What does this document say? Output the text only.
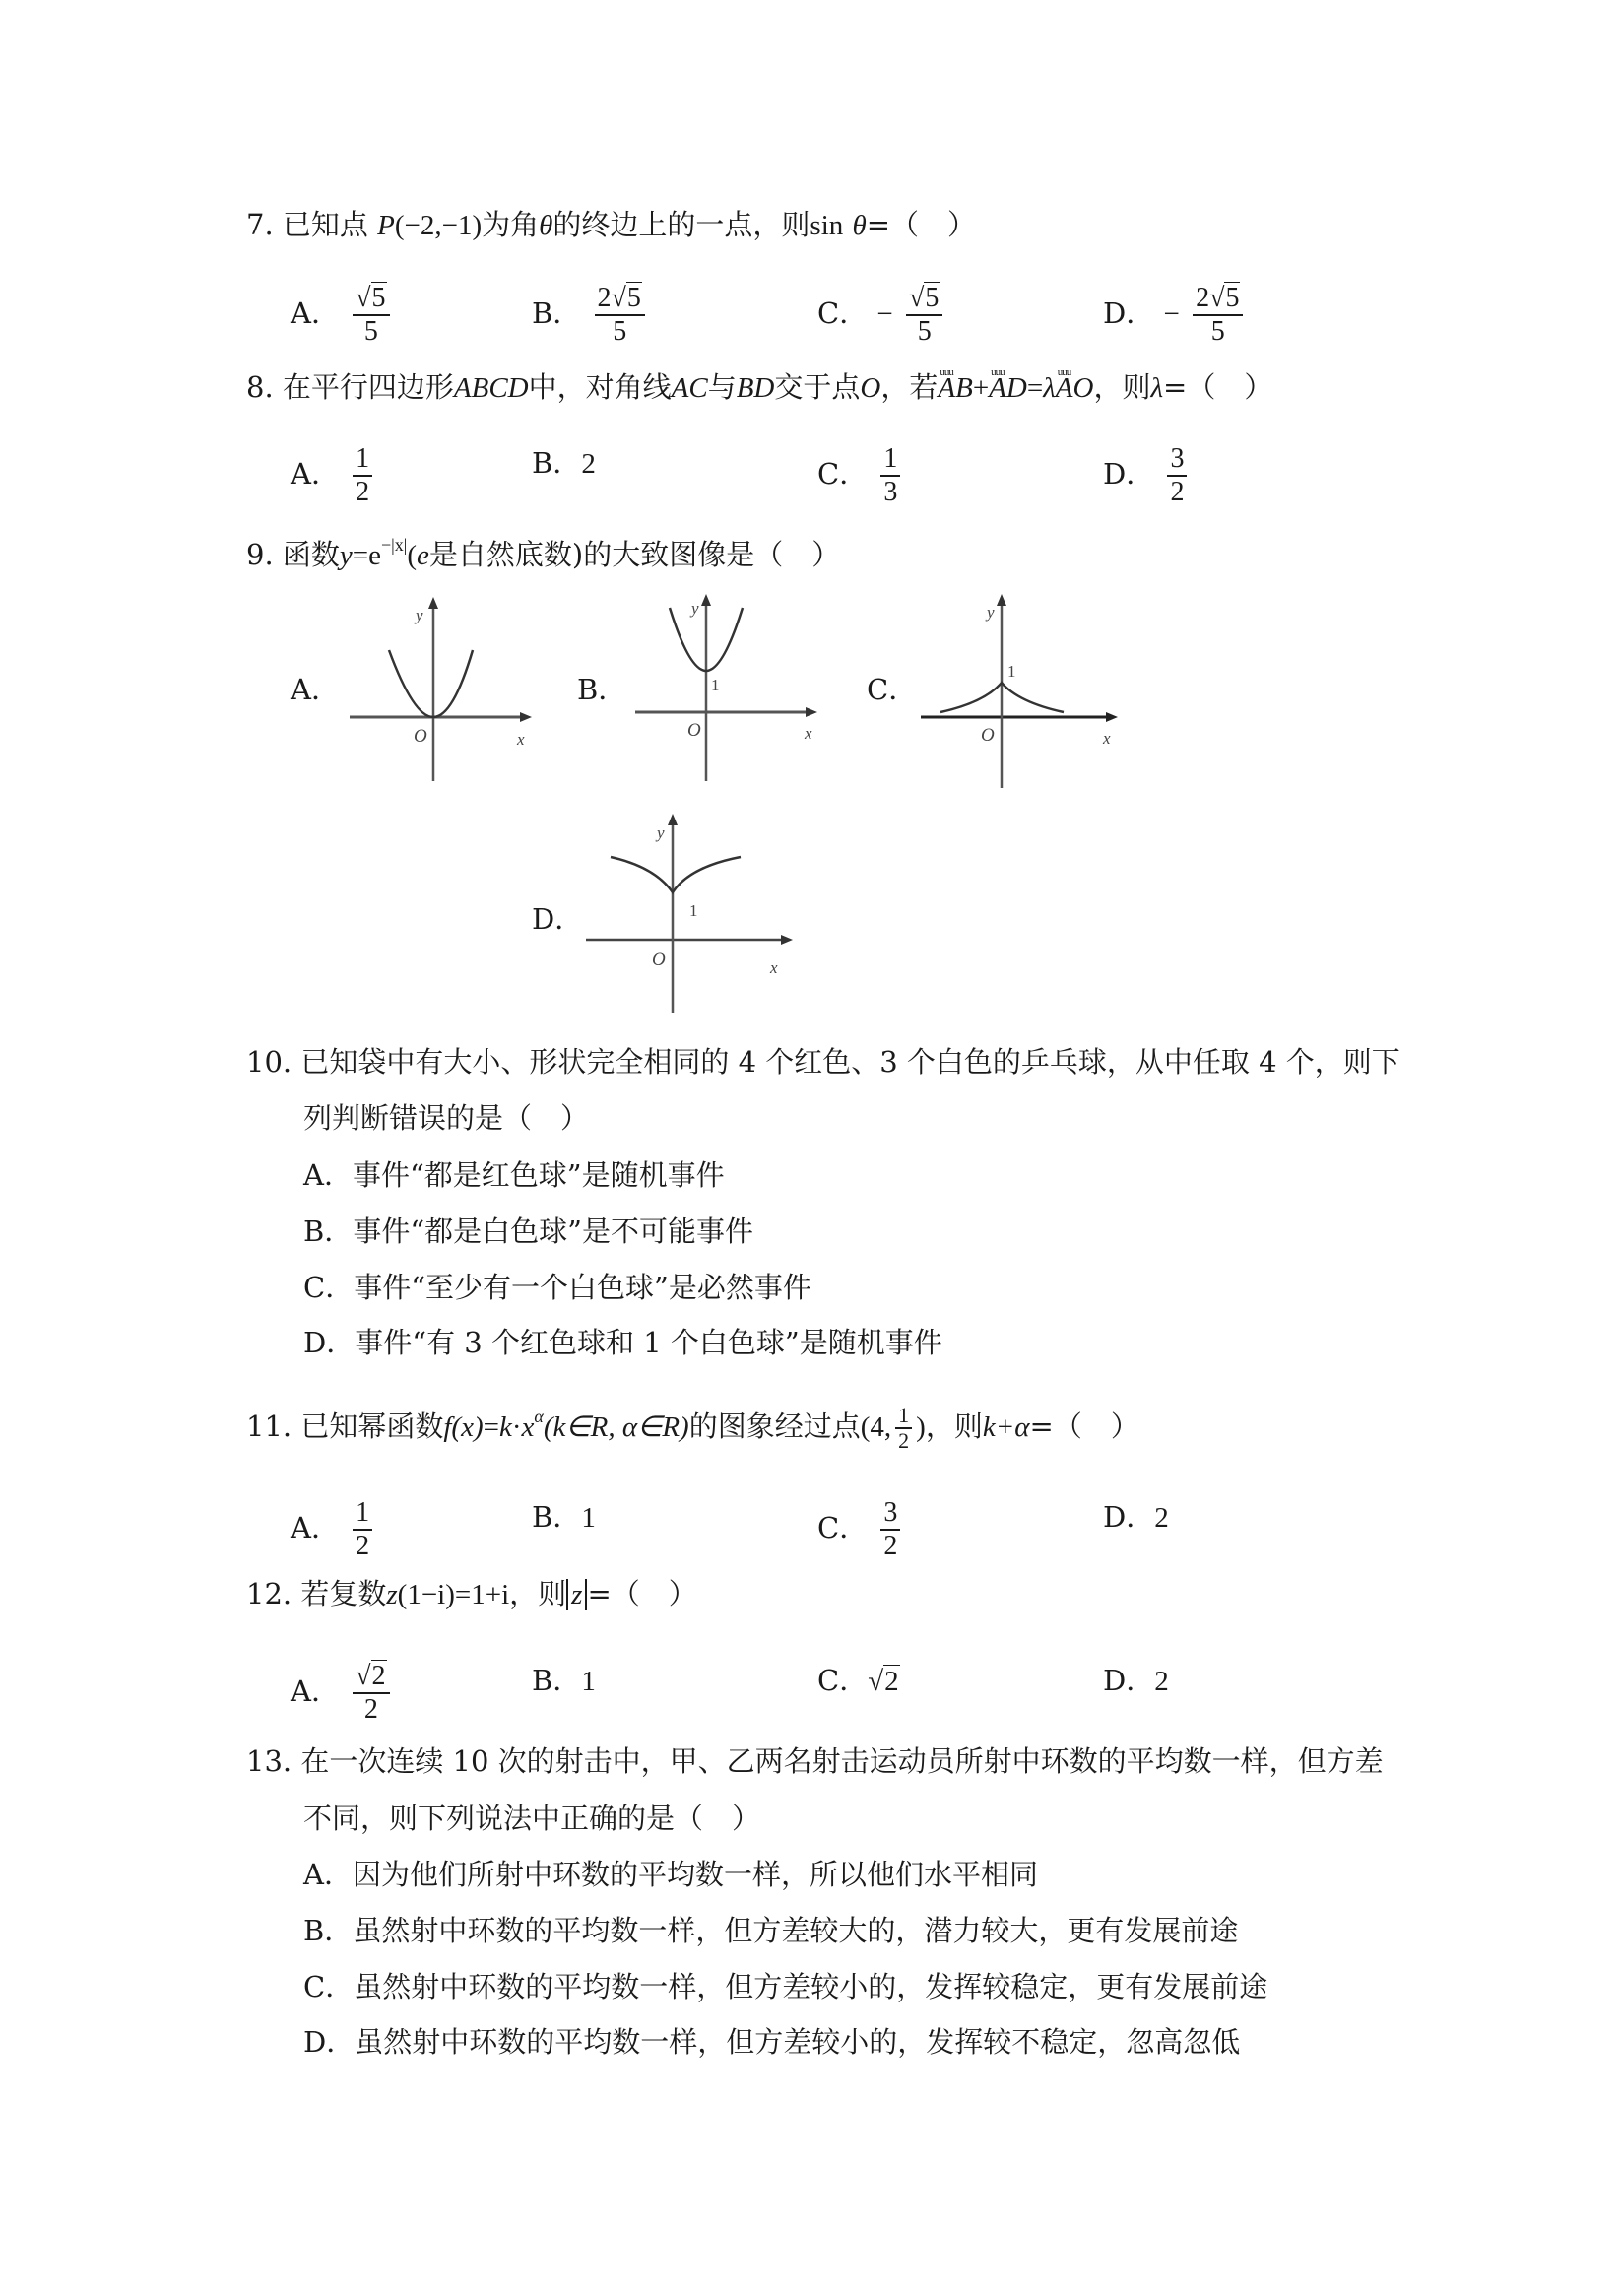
7. 已知点 P(−2,−1)为角θ的终边上的一点，则sin θ=（　）
A． $\frac{√5}{5}$	B． $\frac{2√5}{5}$	C． − $\frac{√5}{5}$	D． − $\frac{2√5}{5}$
8. 在平行四边形ABCD中，对角线AC与BD交于点O，若uuu AB+uuu AD=λuuu AO，则λ=（　）
A． $\frac{1}{2}$	B．2	C． $\frac{1}{3}$	D． $\frac{3}{2}$
9. 函数$y=e^{-|x|}(e$是自然底数)的大致图像是（　）
A．
y
O	x
B．
y
1
O	x
C．
y
1
O	x
D．
y
1
O	x
10. 已知袋中有大小、形状完全相同的 4 个红色、3 个白色的乒乓球，从中任取 4 个，则下
列判断错误的是（　）
A．事件“都是红色球”是随机事件
B．事件“都是白色球”是不可能事件
C．事件“至少有一个白色球”是必然事件
D．事件“有 3 个红色球和 1 个白色球”是随机事件
11. 已知幂函数$f(x)=k\cdot x^\alpha(k\in R$, α∈R)的图象经过点(4, $\frac{1}{2}$ )，则k+α=（　）
A． $\frac{1}{2}$	B．1	C． $\frac{3}{2}$	D．2
12. 若复数z(1−i)=1+i，则 z =（　）
A． $\frac{√2}{2}$	B．1	C．√2	D．2
13. 在一次连续 10 次的射击中，甲、乙两名射击运动员所射中环数的平均数一样，但方差
不同，则下列说法中正确的是（　）
A．因为他们所射中环数的平均数一样，所以他们水平相同
B．虽然射中环数的平均数一样，但方差较大的，潜力较大，更有发展前途
C．虽然射中环数的平均数一样，但方差较小的，发挥较稳定，更有发展前途
D．虽然射中环数的平均数一样，但方差较小的，发挥较不稳定，忽高忽低
